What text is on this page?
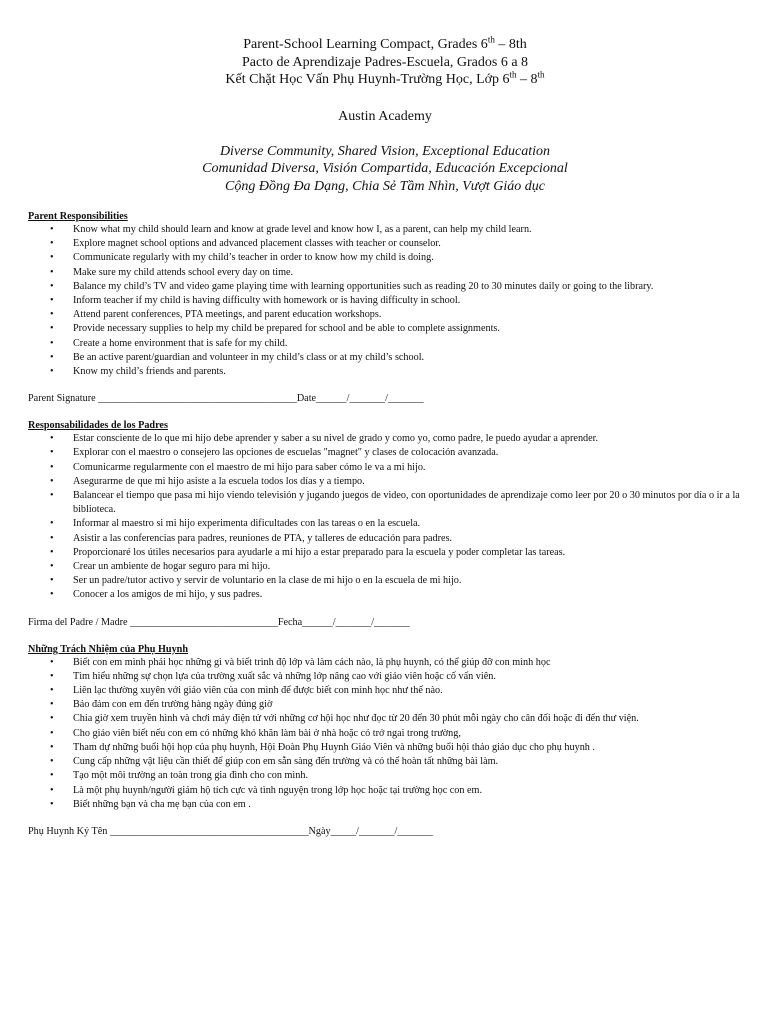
Parent-School Learning Compact, Grades 6th – 8th
Pacto de Aprendizaje Padres-Escuela, Grados 6 a 8
Kết Chặt Học Vấn Phụ Huynh-Trường Học, Lớp 6th – 8th
Austin Academy
Diverse Community, Shared Vision, Exceptional Education
Comunidad Diversa, Visión Compartida, Educación Excepcional
Cộng Đồng Đa Dạng, Chia Sẻ Tầm Nhìn, Vượt Giáo dục
Parent Responsibilities
• Know what my child should learn and know at grade level and know how I, as a parent, can help my child learn.
• Explore magnet school options and advanced placement classes with teacher or counselor.
• Communicate regularly with my child’s teacher in order to know how my child is doing.
• Make sure my child attends school every day on time.
• Balance my child’s TV and video game playing time with learning opportunities such as reading 20 to 30 minutes daily or going to the library.
• Inform teacher if my child is having difficulty with homework or is having difficulty in school.
• Attend parent conferences, PTA meetings, and parent education workshops.
• Provide necessary supplies to help my child be prepared for school and be able to complete assignments.
• Create a home environment that is safe for my child.
• Be an active parent/guardian and volunteer in my child’s class or at my child’s school.
• Know my child’s friends and parents.
Parent Signature _______________________________________Date______/_______/_______
Responsabilidades de los Padres
• Estar consciente de lo que mi hijo debe aprender y saber a su nivel de grado y como yo, como padre, le puedo ayudar a aprender.
• Explorar con el maestro o consejero las opciones de escuelas "magnet" y clases de colocación avanzada.
• Comunicarme regularmente con el maestro de mi hijo para saber cómo le va a mi hijo.
• Asegurarme de que mi hijo asiste a la escuela todos los días y a tiempo.
• Balancear el tiempo que pasa mi hijo viendo televisión y jugando juegos de video, con oportunidades de aprendizaje como leer por 20 o 30 minutos por día o ir a la biblioteca.
• Informar al maestro si mi hijo experimenta dificultades con las tareas o en la escuela.
• Asistir a las conferencias para padres, reuniones de PTA, y talleres de educación para padres.
• Proporcionaré los útiles necesarios para ayudarle a mi hijo a estar preparado para la escuela y poder completar las tareas.
• Crear un ambiente de hogar seguro para mi hijo.
• Ser un padre/tutor activo y servir de voluntario en la clase de mi hijo o en la escuela de mi hijo.
• Conocer a los amigos de mi hijo, y sus padres.
Firma del Padre / Madre _____________________________Fecha______/_______/_______
Những Trách Nhiệm của Phụ Huynh
• Biết con em mình phải học những gì và biết trình độ lớp và làm cách nào, là phụ huynh, có thể giúp đỡ con mình học
• Tìm hiểu những sự chọn lựa của trường xuất sắc và những lớp nâng cao với giáo viên hoặc cố vấn viên.
• Liên lạc thường xuyên với giáo viên của con mình để được biết con mình học như thế nào.
• Bảo đảm con em đến trường hàng ngày đúng giờ
• Chia giờ xem truyền hình và chơi máy điện tử với những cơ hội học như đọc từ 20 đến 30 phút mỗi ngày cho cân đối hoặc đi đến thư viện.
• Cho giáo viên biết nếu con em có những khó khăn làm bài ở nhà hoặc có trở ngai trong trường,
• Tham dự những buổi hội họp của phụ huynh, Hội Đoàn Phụ Huynh Giáo Viên và những buổi hội thảo giáo dục cho phụ huynh .
• Cung cấp những vật liệu cần thiết để giúp con em sẵn sàng đến trường và có thể hoàn tất những bài làm.
• Tạo một môi trường an toàn trong gia đình cho con mình.
• Là một phụ huynh/người giám hộ tích cực và tình nguyện trong lớp học hoặc tại trường học con em.
• Biết những bạn và cha mẹ bạn của con em .
Phụ Huynh Ký Tên _______________________________________Ngày_____/_______/_______
